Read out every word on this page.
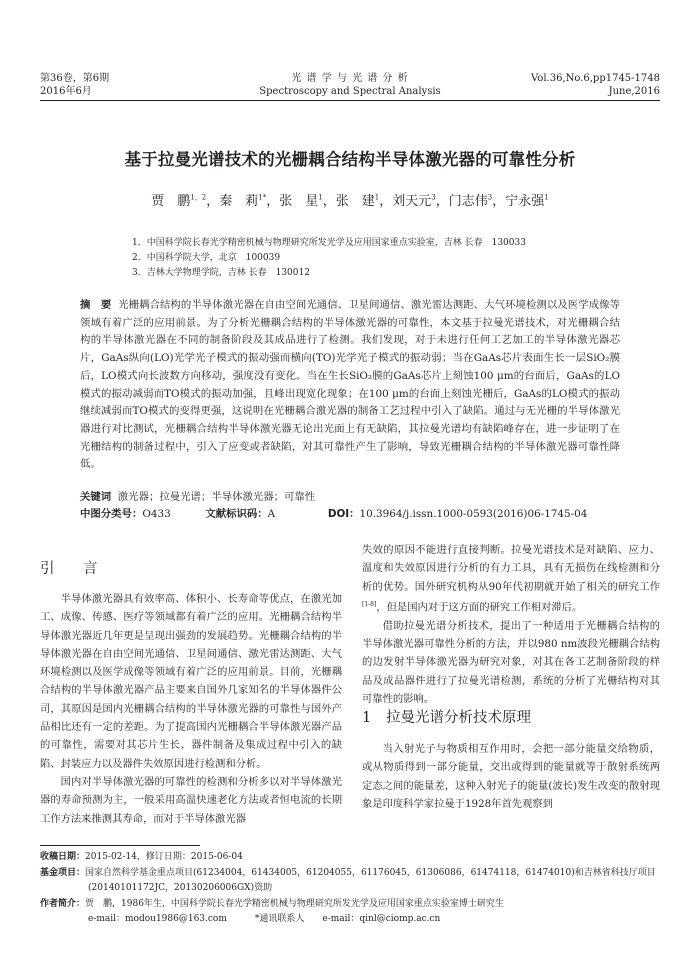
第36卷，第6期
2016年6月
光 谱 学 与 光 谱 分 析
Spectroscopy and Spectral Analysis
Vol.36,No.6,pp1745-1748
June,2016
基于拉曼光谱技术的光栅耦合结构半导体激光器的可靠性分析
贾　鹏$^{1,2}$，秦　莉$^{1*}$，张　星$^1$，张　建$^1$，刘天元$^3$，门志伟$^3$，宁永强$^1$
1．中国科学院长春光学精密机械与物理研究所发光学及应用国家重点实验室，吉林 长春　130033
2．中国科学院大学，北京　100039
3．吉林大学物理学院，吉林 长春　130012
摘　要 光栅耦合结构的半导体激光器在自由空间光通信、卫星间通信、激光雷达测距、大气环境检测以及医学成像等领域有着广泛的应用前景。为了分析光栅耦合结构的半导体激光器的可靠性，本文基于拉曼光谱技术，对光栅耦合结构的半导体激光器在不同的制备阶段及其成品进行了检测。我们发现，对于未进行任何工艺加工的半导体激光器芯片，GaAs纵向(LO)光学光子模式的振动强而横向(TO)光学光子模式的振动弱；当在GaAs芯片表面生长一层SiO₂膜后，LO模式向长波数方向移动，强度没有变化。当在生长SiO₂膜的GaAs芯片上刻蚀100 μm的台面后，GaAs的LO模式的振动减弱而TO模式的振动加强，且峰出现宽化现象；在100 μm的台面上刻蚀光栅后，GaAs的LO模式的振动继续减弱而TO模式的变得更强，这说明在光栅耦合激光器的制备工艺过程中引入了缺陷。通过与无光栅的半导体激光器进行对比测试，光栅耦合结构半导体激光器无论出光面上有无缺陷，其拉曼光谱均有缺陷峰存在，进一步证明了在光栅结构的制备过程中，引入了应变或者缺陷，对其可靠性产生了影响，导致光栅耦合结构的半导体激光器可靠性降低。
关键词 激光器；拉曼光谱；半导体激光器；可靠性
中图分类号：O433	文献标识码：A	DOI：10.3964/j.issn.1000-0593(2016)06-1745-04
引　言

半导体激光器具有效率高、体积小、长寿命等优点，在激光加工、成像、传感、医疗等领域都有着广泛的应用。光栅耦合结构半导体激光器近几年更是呈现出强劲的发展趋势。光栅耦合结构的半导体激光器在自由空间光通信、卫星间通信、激光雷达测距、大气环境检测以及医学成像等领域有着广泛的应用前景。目前，光栅耦合结构的半导体激光器产品主要来自国外几家知名的半导体器件公司，其原因是国内光栅耦合结构的半导体激光器的可靠性与国外产品相比还有一定的差距。为了提高国内光栅耦合半导体激光器产品的可靠性，需要对其芯片生长、器件制备及集成过程中引入的缺陷、封装应力以及器件失效原因进行检测和分析。

国内对半导体激光器的可靠性的检测和分析多以对半导体激光器的寿命预测为主，一般采用高温快速老化方法或者恒电流的长期工作方法来推测其寿命，而对于半导体激光器

失效的原因不能进行直接判断。拉曼光谱技术是对缺陷、应力、温度和失效原因进行分析的有力工具，具有无损伤在线检测和分析的优势。国外研究机构从90年代初期就开始了相关的研究工作[1-8]，但是国内对于这方面的研究工作相对滞后。

借助拉曼光谱分析技术，提出了一种适用于光栅耦合结构的半导体激光器可靠性分析的方法，并以980 nm波段光栅耦合结构的边发射半导体激光器为研究对象，对其在各工艺制备阶段的样品及成品器件进行了拉曼光谱检测，系统的分析了光栅结构对其可靠性的影响。

1 拉曼光谱分析技术原理

当入射光子与物质相互作用时，会把一部分能量交给物质，或从物质得到一部分能量，交出或得到的能量就等于散射系统两定态之间的能量差，这种入射光子的能量(波长)发生改变的散射现象是印度科学家拉曼于1928年首先观察到

收稿日期：2015-02-14，修订日期：2015-06-04
基金项目：国家自然科学基金重点项目(61234004，61434005，61204055，61176045，61306086，61474118，61474010)和吉林省科技厅项目
(20140101172JC，20130206006GX)资助
作者简介：贾　鹏，1986年生，中国科学院长春光学精密机械与物理研究所发光学及应用国家重点实验室博士研究生
e-mail：modou1986@163.com	*通讯联系人　　e-mail：qinl@ciomp.ac.cn
